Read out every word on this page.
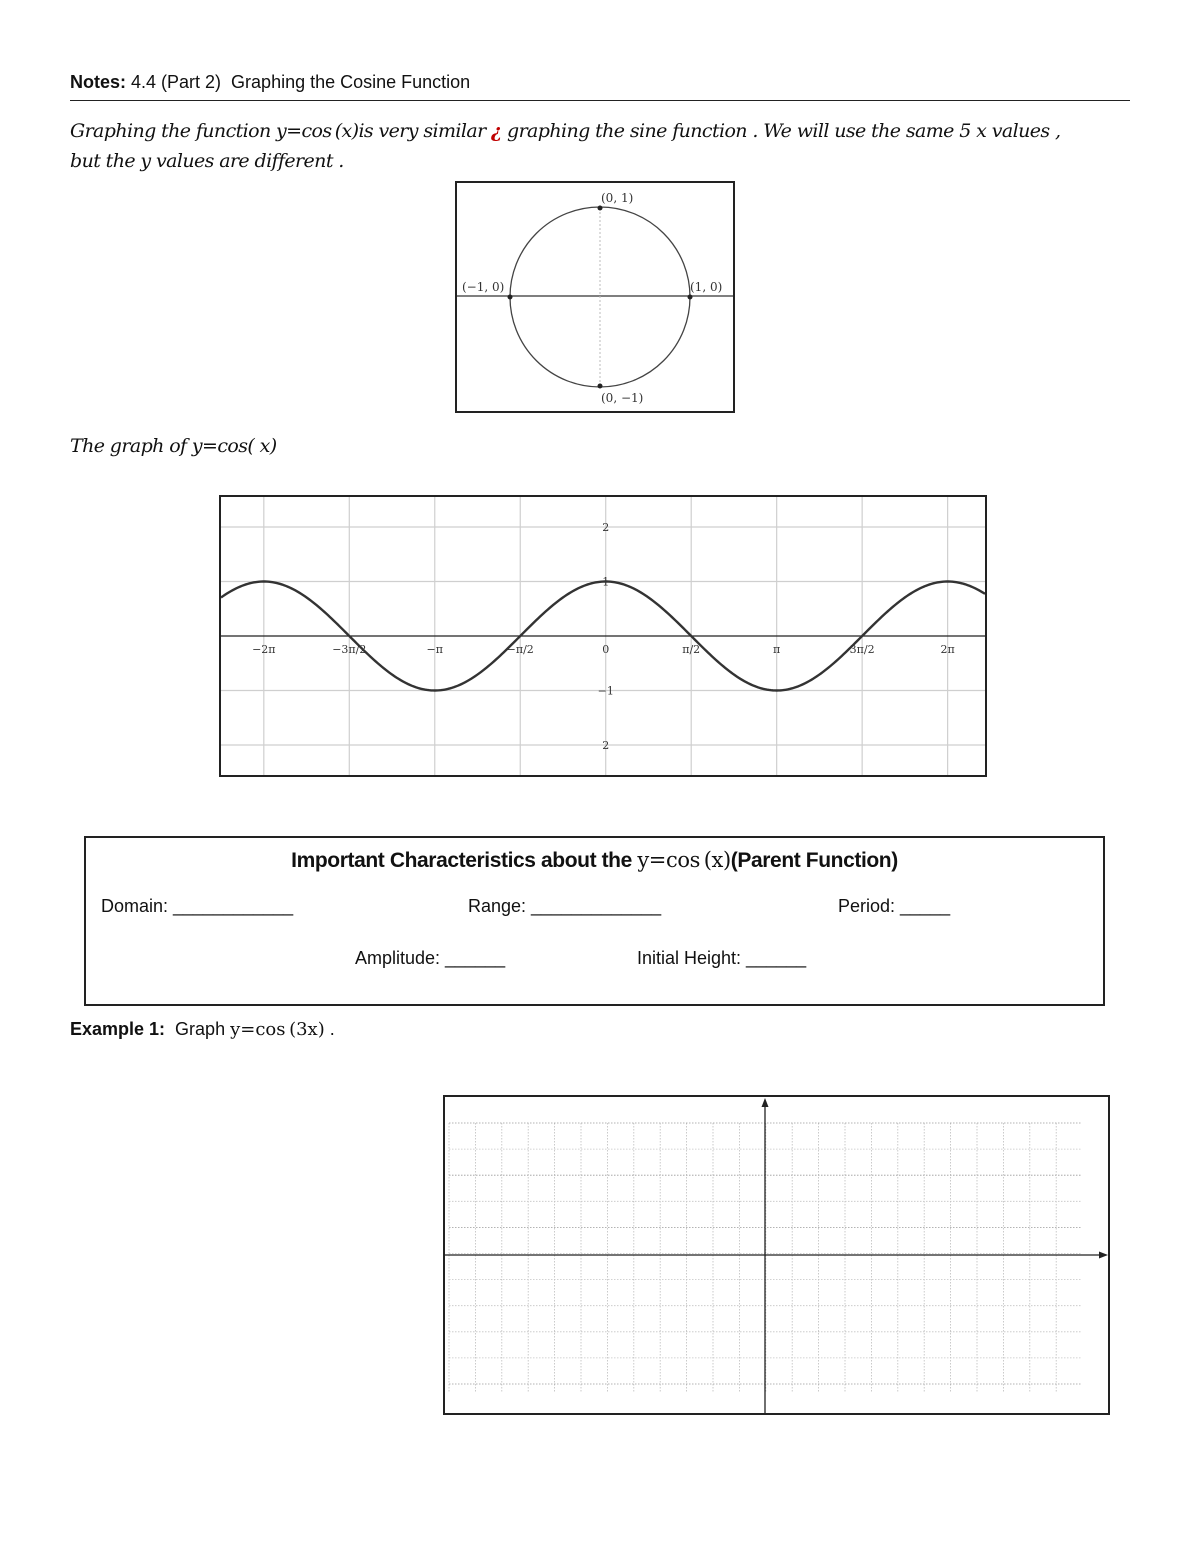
Notes: 4.4 (Part 2)  Graphing the Cosine Function
Graphing the function y=cos (x)is very similar ¿ graphing the sine function . We will use the same 5 x values ,
but the y values are different .
(0, 1)
(−1, 0)	(1, 0)
(0, −1)
The graph of y=cos( x)
−2π	−3π/2	−π	−π/2	0	π/2	π	3π/2	2π
2
1
−1
2
Important Characteristics about the y=cos (x)(Parent Function)
Domain: ____________	Range: _____________	Period: _____
Amplitude: ______	Initial Height: ______
Example 1:  Graph y=cos (3x) .
